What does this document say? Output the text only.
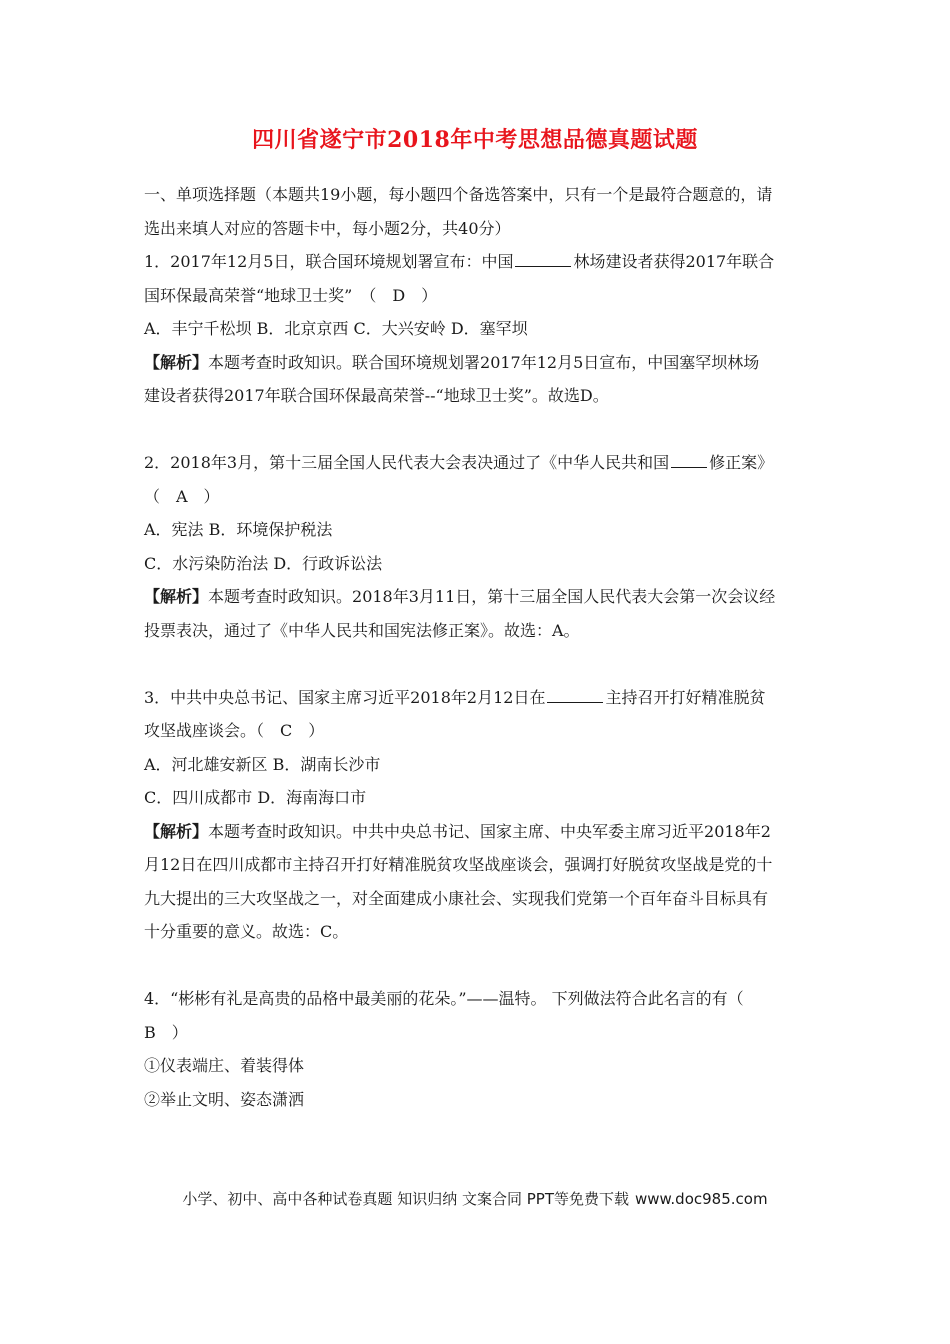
四川省遂宁市2018年中考思想品德真题试题
一、单项选择题（本题共19小题，每小题四个备选答案中，只有一个是最符合题意的，请
选出来填人对应的答题卡中，每小题2分，共40分）
1．2017年12月5日，联合国环境规划署宣布：中国	林场建设者获得2017年联合
国环保最高荣誉“地球卫士奖”　（　D　）
A．丰宁千松坝 B．北京京西 C．大兴安岭 D．塞罕坝
【解析】本题考查时政知识。联合国环境规划署2017年12月5日宣布，中国塞罕坝林场
建设者获得2017年联合国环保最高荣誉--“地球卫士奖”。故选D。
2．2018年3月，第十三届全国人民代表大会表决通过了《中华人民共和国	修正案》
（　A　）
A．宪法 B．环境保护税法
C．水污染防治法 D．行政诉讼法
【解析】本题考查时政知识。2018年3月11日，第十三届全国人民代表大会第一次会议经
投票表决，通过了《中华人民共和国宪法修正案》。故选：A。
3．中共中央总书记、国家主席习近平2018年2月12日在	主持召开打好精准脱贫
攻坚战座谈会。（　C　）
A．河北雄安新区 B．湖南长沙市
C．四川成都市 D．海南海口市
【解析】本题考查时政知识。中共中央总书记、国家主席、中央军委主席习近平2018年2
月12日在四川成都市主持召开打好精准脱贫攻坚战座谈会，强调打好脱贫攻坚战是党的十
九大提出的三大攻坚战之一，对全面建成小康社会、实现我们党第一个百年奋斗目标具有
十分重要的意义。故选：C。
4．“彬彬有礼是高贵的品格中最美丽的花朵。”——温特。 下列做法符合此名言的有（
B　）
①仪表端庄、着装得体
②举止文明、姿态潇洒
小学、初中、高中各种试卷真题 知识归纳 文案合同 PPT等免费下载 www.doc985.com
